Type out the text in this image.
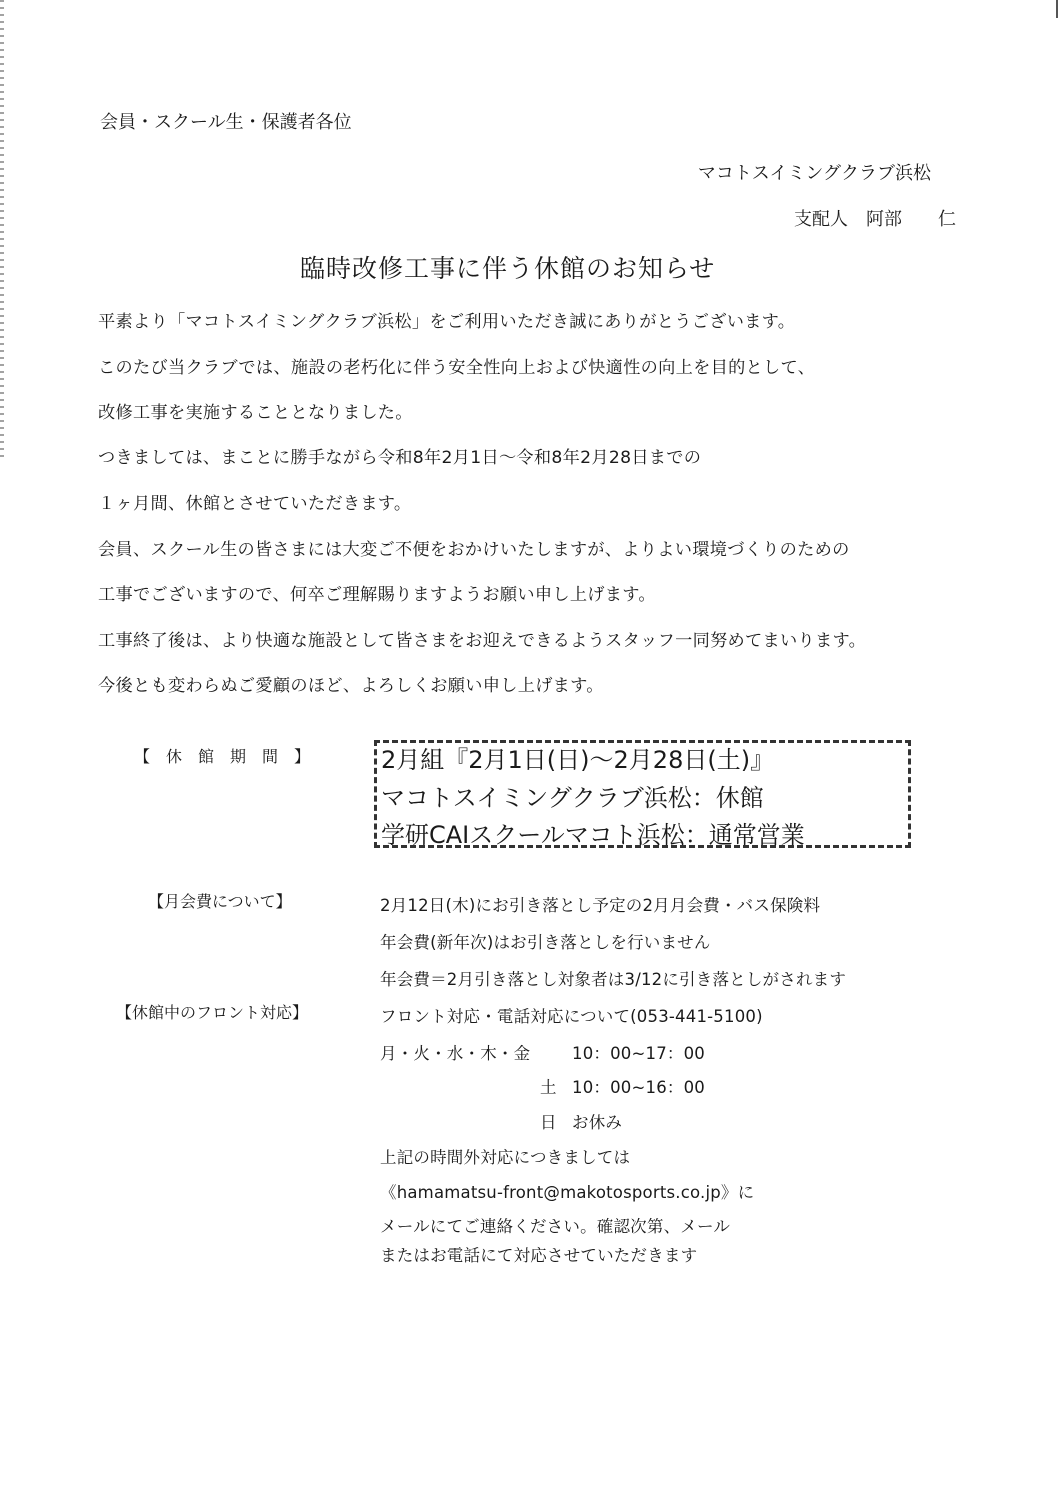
会員・スクール生・保護者各位
マコトスイミングクラブ浜松
支配人　阿部　　仁
臨時改修工事に伴う休館のお知らせ
平素より「マコトスイミングクラブ浜松」をご利用いただき誠にありがとうございます。
このたび当クラブでは、施設の老朽化に伴う安全性向上および快適性の向上を目的として、
改修工事を実施することとなりました。
つきましては、まことに勝手ながら令和8年2月1日～令和8年2月28日までの
１ヶ月間、休館とさせていただきます。
会員、スクール生の皆さまには大変ご不便をおかけいたしますが、よりよい環境づくりのための
工事でございますので、何卒ご理解賜りますようお願い申し上げます。
工事終了後は、より快適な施設として皆さまをお迎えできるようスタッフ一同努めてまいります。
今後とも変わらぬご愛顧のほど、よろしくお願い申し上げます。
【　休　館　期　間　】	2月組『2月1日(日)～2月28日(土)』
マコトスイミングクラブ浜松：休館
学研CAIスクールマコト浜松：通常営業
【月会費について】	2月12日(木)にお引き落とし予定の2月月会費・バス保険料
年会費(新年次)はお引き落としを行いません
年会費＝2月引き落とし対象者は3/12に引き落としがされます
【休館中のフロント対応】	フロント対応・電話対応について(053-441-5100)
月・火・水・木・金	10：00~17：00
土 10：00~16：00
日 お休み
上記の時間外対応につきましては
《hamamatsu-front@makotosports.co.jp》に
メールにてご連絡ください。確認次第、メール
またはお電話にて対応させていただきます
